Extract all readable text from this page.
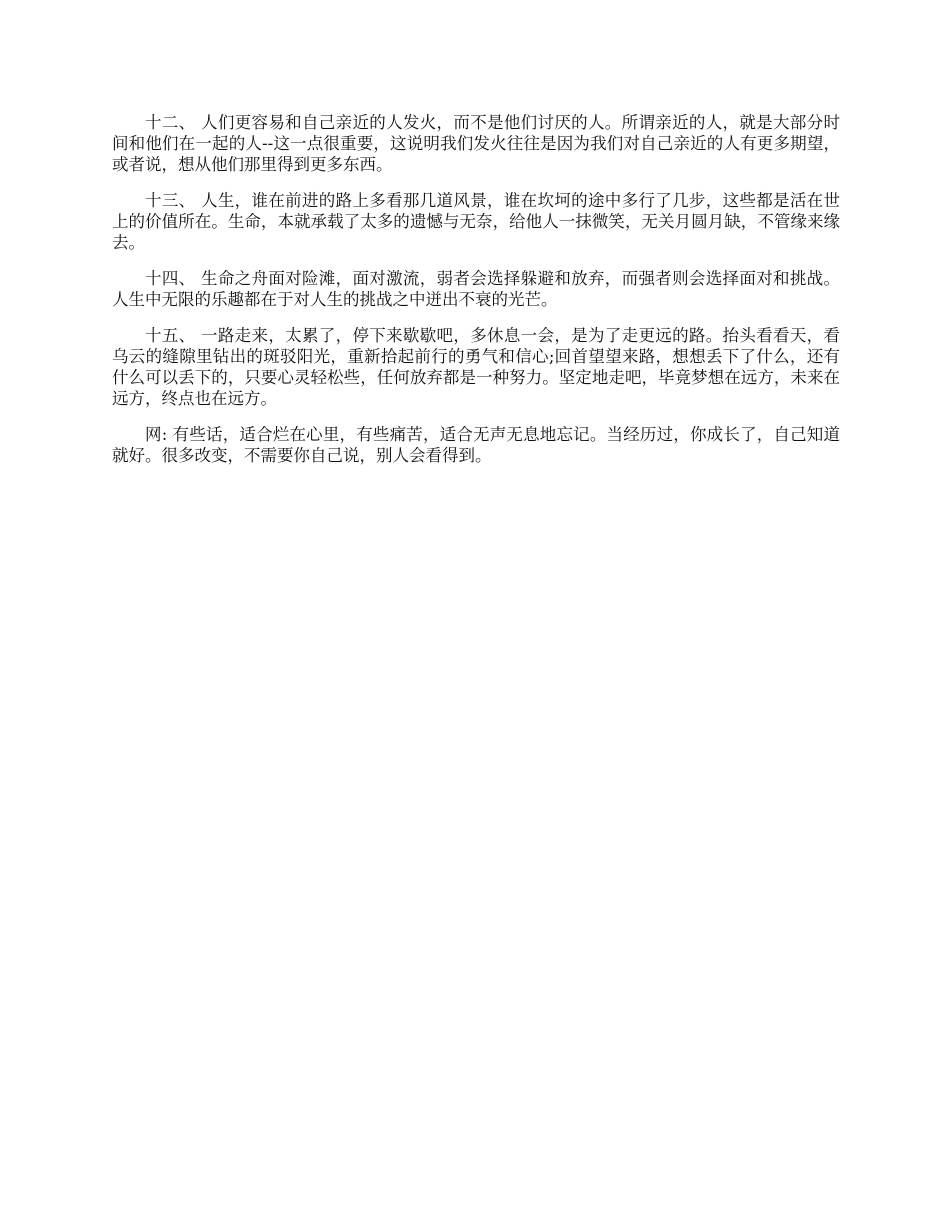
十二、 人们更容易和自己亲近的人发火，而不是他们讨厌的人。所谓亲近的人，就是大部分时间和他们在一起的人--这一点很重要，这说明我们发火往往是因为我们对自己亲近的人有更多期望，或者说，想从他们那里得到更多东西。

十三、 人生，谁在前进的路上多看那几道风景，谁在坎坷的途中多行了几步，这些都是活在世上的价值所在。生命，本就承载了太多的遗憾与无奈，给他人一抹微笑，无关月圆月缺，不管缘来缘去。

十四、 生命之舟面对险滩，面对激流，弱者会选择躲避和放弃，而强者则会选择面对和挑战。人生中无限的乐趣都在于对人生的挑战之中迸出不衰的光芒。

十五、 一路走来，太累了，停下来歇歇吧，多休息一会，是为了走更远的路。抬头看看天，看乌云的缝隙里钻出的斑驳阳光，重新拾起前行的勇气和信心;回首望望来路，想想丢下了什么，还有什么可以丢下的，只要心灵轻松些，任何放弃都是一种努力。坚定地走吧，毕竟梦想在远方，未来在远方，终点也在远方。

网: 有些话，适合烂在心里，有些痛苦，适合无声无息地忘记。当经历过，你成长了，自己知道就好。很多改变，不需要你自己说，别人会看得到。
